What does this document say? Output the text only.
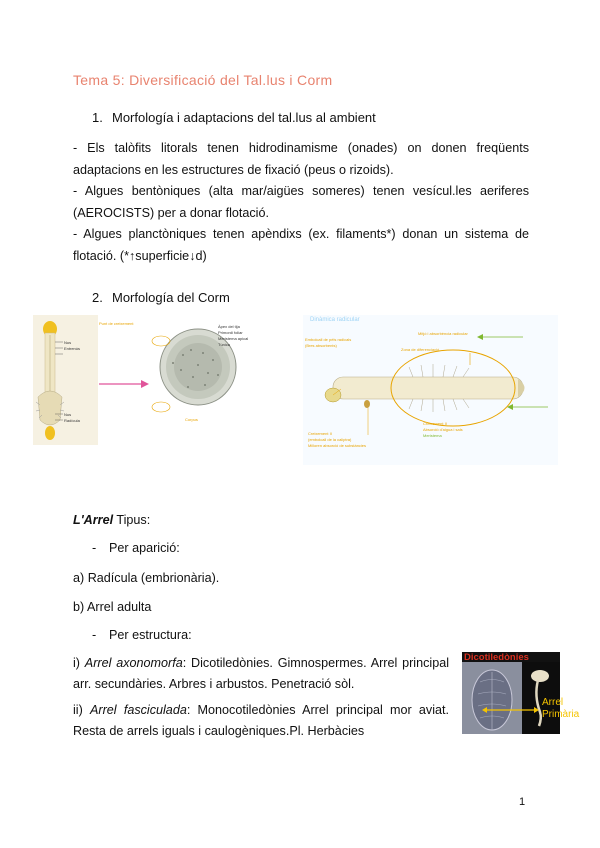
Tema 5: Diversificació del Tal.lus i Corm
1. Morfología i adaptacions del tal.lus al ambient

- Els talòfits litorals tenen hidrodinamisme (onades) on donen freqüents adaptacions en les estructures de fixació (peus o rizoids).

- Algues bentòniques (alta mar/aigües someres) tenen vesícul.les aeriferes (AEROCISTS) per a donar flotació.

- Algues planctòniques tenen apèndixs (ex. filaments*) donan un sistema de flotació. (*↑superficie↓d)

2. Morfología del Corm
Punt de creixement
Nus
Entrenús
Nus
Radícula
Àpex del tija
Primordi foliar
Meristema apical
Túnica
Corpus
Dinàmica radicular
Embolcall de pèls radicals
(Bres absorbents)
Mitjó i absorbència radicular
Zona de diferenciació
Creixement II
(embolcall de la caliptra)
Milloren absorció de substàncies
Creixement II
Absorció d'aigua i sals
Meristema
L'Arrel Tipus:
- Per aparició:
a) Radícula (embrionària).
b) Arrel adulta
- Per estructura:
i) Arrel axonomorfa: Dicotiledònies. Gimnospermes. Arrel principal arr. secundàries. Arbres i arbustos. Penetració sòl.
ii) Arrel fasciculada: Monocotiledònies Arrel principal mor aviat. Resta de arrels iguals i caulogèniques.Pl. Herbàcies
Dicotiledònies
Arrel
Primària
1
